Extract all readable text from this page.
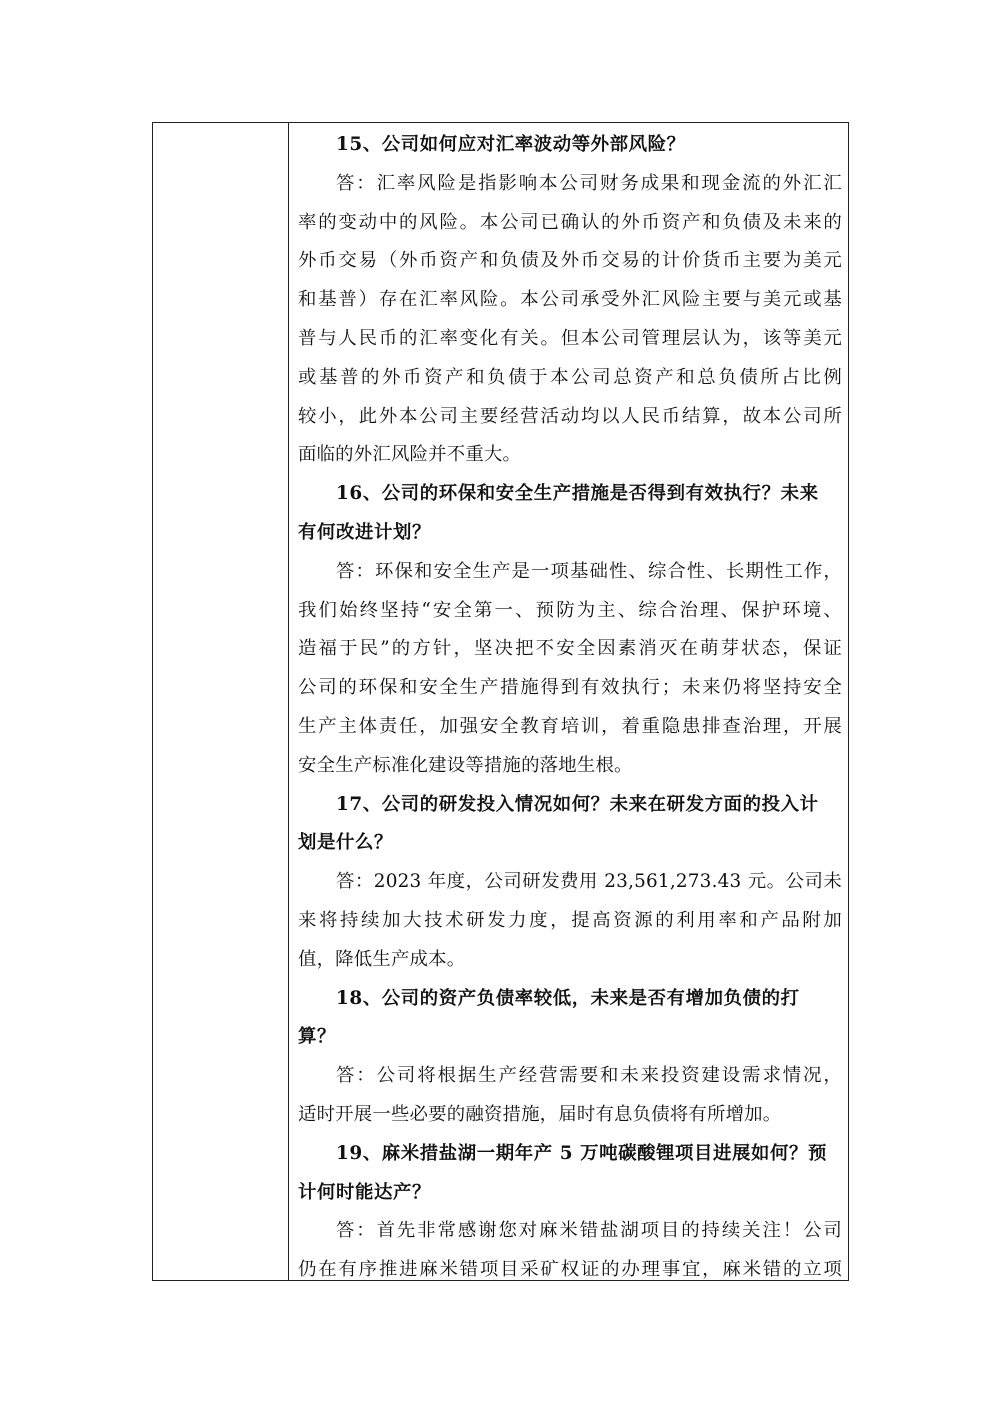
15、公司如何应对汇率波动等外部风险？
答：汇率风险是指影响本公司财务成果和现金流的外汇汇
率的变动中的风险。本公司已确认的外币资产和负债及未来的
外币交易（外币资产和负债及外币交易的计价货币主要为美元
和基普）存在汇率风险。本公司承受外汇风险主要与美元或基
普与人民币的汇率变化有关。但本公司管理层认为，该等美元
或基普的外币资产和负债于本公司总资产和总负债所占比例
较小，此外本公司主要经营活动均以人民币结算，故本公司所
面临的外汇风险并不重大。
16、公司的环保和安全生产措施是否得到有效执行？未来
有何改进计划？
答：环保和安全生产是一项基础性、综合性、长期性工作，
我们始终坚持“安全第一、预防为主、综合治理、保护环境、
造福于民”的方针，坚决把不安全因素消灭在萌芽状态，保证
公司的环保和安全生产措施得到有效执行；未来仍将坚持安全
生产主体责任，加强安全教育培训，着重隐患排查治理，开展
安全生产标准化建设等措施的落地生根。
17、公司的研发投入情况如何？未来在研发方面的投入计
划是什么？
答：2023 年度，公司研发费用 23,561,273.43 元。公司未
来将持续加大技术研发力度，提高资源的利用率和产品附加
值，降低生产成本。
18、公司的资产负债率较低，未来是否有增加负债的打
算？
答：公司将根据生产经营需要和未来投资建设需求情况，
适时开展一些必要的融资措施，届时有息负债将有所增加。
19、麻米措盐湖一期年产 5 万吨碳酸锂项目进展如何？预
计何时能达产？
答：首先非常感谢您对麻米错盐湖项目的持续关注！公司
仍在有序推进麻米错项目采矿权证的办理事宜，麻米错的立项
